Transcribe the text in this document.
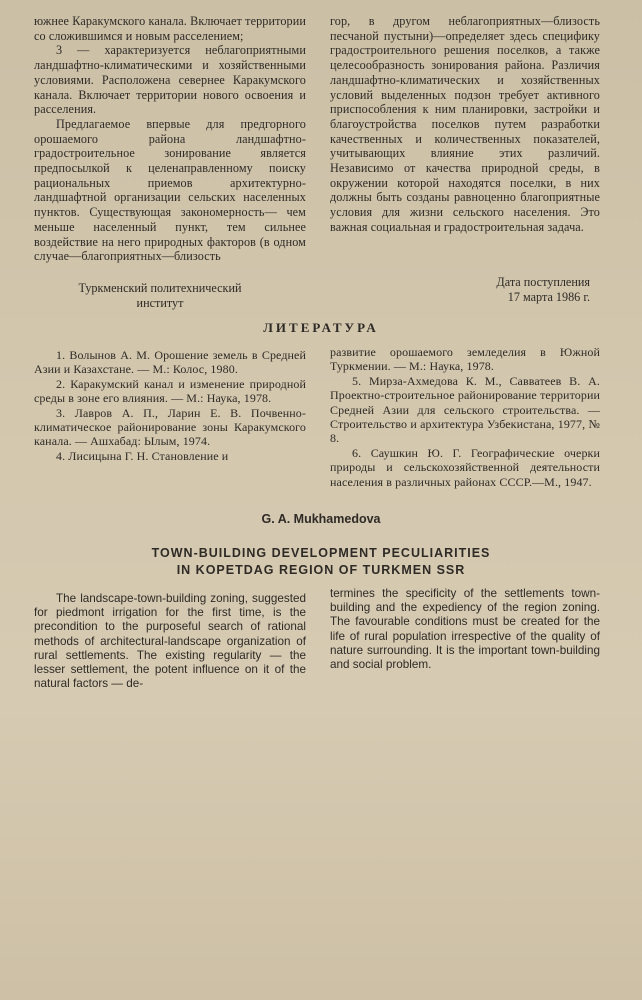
южнее Каракумского канала. Включает территории со сложившимся и новым расселением;

3 — характеризуется неблагоприятными ландшафтно-климатическими и хозяйственными условиями. Расположена севернее Каракумского канала. Включает территории нового освоения и расселения.

Предлагаемое впервые для предгорного орошаемого района ландшафтно-градостроительное зонирование является предпосылкой к целенаправленному поиску рациональных приемов архитектурно-ландшафтной организации сельских населенных пунктов. Существующая закономерность— чем меньше населенный пункт, тем сильнее воздействие на него природных факторов (в одном случае—благоприятных—близость

гор, в другом неблагоприятных—близость песчаной пустыни)—определяет здесь специфику градостроительного решения поселков, а также целесообразность зонирования района. Различия ландшафтно-климатических и хозяйственных условий выделенных подзон требует активного приспособления к ним планировки, застройки и благоустройства поселков путем разработки качественных и количественных показателей, учитывающих влияние этих различий. Независимо от качества природной среды, в окружении которой находятся поселки, в них должны быть созданы равноценно благоприятные условия для жизни сельского населения. Это важная социальная и градостроительная задача.

Туркменский политехнический
институт
Дата поступления
17 марта 1986 г.
ЛИТЕРАТУРА

1. Волынов А. М. Орошение земель в Средней Азии и Казахстане. — М.: Колос, 1980.

2. Каракумский канал и изменение природной среды в зоне его влияния. — М.: Наука, 1978.

3. Лавров А. П., Ларин Е. В. Почвенно-климатическое районирование зоны Каракумского канала. — Ашхабад: Ылым, 1974.

4. Лисицына Г. Н. Становление и

развитие орошаемого земледелия в Южной Туркмении. — М.: Наука, 1978.

5. Мирза-Ахмедова К. М., Савватеев В. А. Проектно-строительное районирование территории Средней Азии для сельского строительства. — Строительство и архитектура Узбекистана, 1977, № 8.

6. Саушкин Ю. Г. Географические очерки природы и сельскохозяйственной деятельности населения в различных районах СССР.—М., 1947.

G. A. Mukhamedova
TOWN-BUILDING DEVELOPMENT PECULIARITIES
IN KOPETDAG REGION OF TURKMEN SSR

The landscape-town-building zoning, suggested for piedmont irrigation for the first time, is the precondition to the purposeful search of rational methods of architectural-landscape organization of rural settlements. The existing regularity — the lesser settlement, the potent influence on it of the natural factors — de-

termines the specificity of the settlements town-building and the expediency of the region zoning. The favourable conditions must be created for the life of rural population irrespective of the quality of nature surrounding. It is the important town-building and social problem.
